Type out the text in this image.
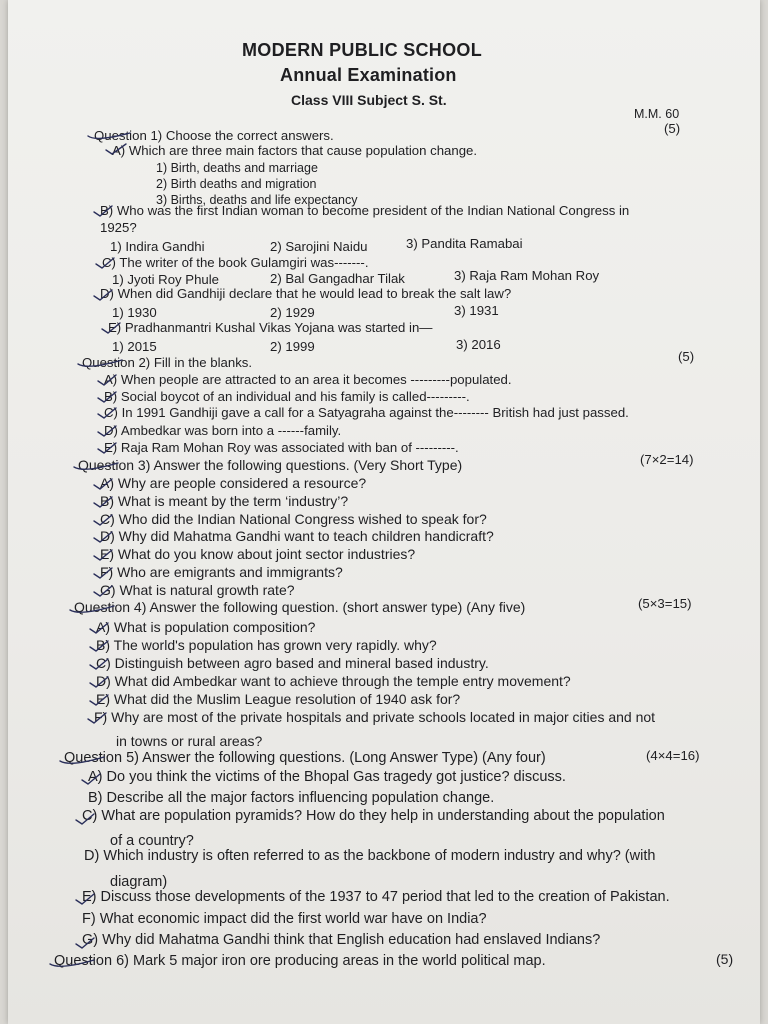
MODERN PUBLIC SCHOOL
Annual Examination
Class VIII Subject S. St.
M.M. 60
Question 1) Choose the correct answers.	(5)
A) Which are three main factors that cause population change.
1) Birth, deaths and marriage
2) Birth deaths and migration
3) Births, deaths and life expectancy
B) Who was the first Indian woman to become president of the Indian National Congress in
1925?
1) Indira Gandhi	2) Sarojini Naidu	3) Pandita Ramabai
C) The writer of the book Gulamgiri was-------.
1) Jyoti Roy Phule	2) Bal Gangadhar Tilak	3) Raja Ram Mohan Roy
D) When did Gandhiji declare that he would lead to break the salt law?
1) 1930	2) 1929	3) 1931
E) Pradhanmantri Kushal Vikas Yojana was started in—
1) 2015	2) 1999	3) 2016
Question 2) Fill in the blanks.	(5)
A) When people are attracted to an area it becomes ---------populated.
B) Social boycot of an individual and his family is called---------.
C) In 1991 Gandhiji gave a call for a Satyagraha against the-------- British had just passed.
D) Ambedkar was born into a ------family.
E) Raja Ram Mohan Roy was associated with ban of ---------.
Question 3) Answer the following questions. (Very Short Type)	(7×2=14)
A) Why are people considered a resource?
B) What is meant by the term ‘industry’?
C) Who did the Indian National Congress wished to speak for?
D) Why did Mahatma Gandhi want to teach children handicraft?
E) What do you know about joint sector industries?
F) Who are emigrants and immigrants?
G) What is natural growth rate?
Question 4) Answer the following question. (short answer type) (Any five)	(5×3=15)
A) What is population composition?
B) The world's population has grown very rapidly. why?
C) Distinguish between agro based and mineral based industry.
D) What did Ambedkar want to achieve through the temple entry movement?
E) What did the Muslim League resolution of 1940 ask for?
F) Why are most of the private hospitals and private schools located in major cities and not
in towns or rural areas?
Question 5) Answer the following questions. (Long Answer Type) (Any four)	(4×4=16)
A) Do you think the victims of the Bhopal Gas tragedy got justice? discuss.
B) Describe all the major factors influencing population change.
C) What are population pyramids? How do they help in understanding about the population
of a country?
D) Which industry is often referred to as the backbone of modern industry and why? (with
diagram)
E) Discuss those developments of the 1937 to 47 period that led to the creation of Pakistan.
F) What economic impact did the first world war have on India?
G) Why did Mahatma Gandhi think that English education had enslaved Indians?
Question 6) Mark 5 major iron ore producing areas in the world political map.	(5)
